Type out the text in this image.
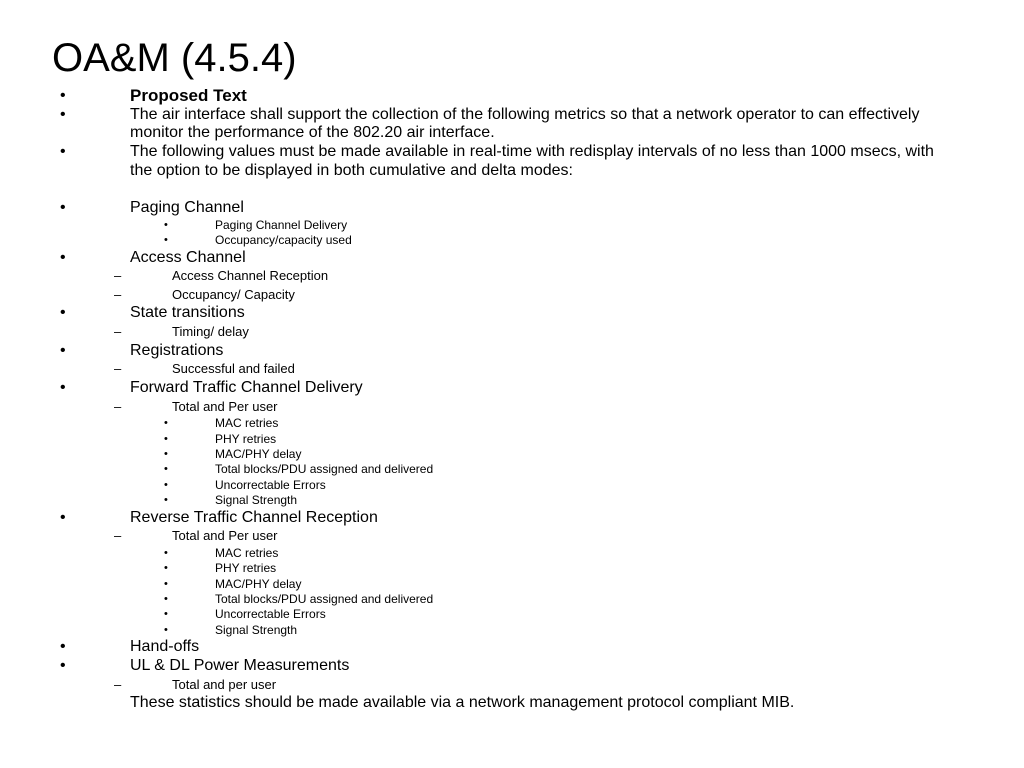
OA&M (4.5.4)
•	Proposed Text
•	The air interface shall support the collection of the following metrics so that a network operator to can effectively monitor the performance of the 802.20 air interface.
•	The following values must be made available in real-time with redisplay intervals of no less than 1000 msecs, with the option to be displayed in both cumulative and delta modes:
•	Paging Channel
•	Paging Channel Delivery
•	Occupancy/capacity used
•	Access Channel
–	Access Channel Reception
–	Occupancy/ Capacity
•	State transitions
–	Timing/ delay
•	Registrations
–	Successful and failed
•	Forward Traffic Channel Delivery
–	Total and Per user
•	MAC retries
•	PHY retries
•	MAC/PHY delay
•	Total blocks/PDU assigned and delivered
•	Uncorrectable Errors
•	Signal Strength
•	Reverse Traffic Channel Reception
–	Total and Per user
•	MAC retries
•	PHY retries
•	MAC/PHY delay
•	Total blocks/PDU assigned and delivered
•	Uncorrectable Errors
•	Signal Strength
•	Hand-offs
•	UL & DL Power Measurements
–	Total and per user
These statistics should be made available via a network management protocol compliant MIB.
